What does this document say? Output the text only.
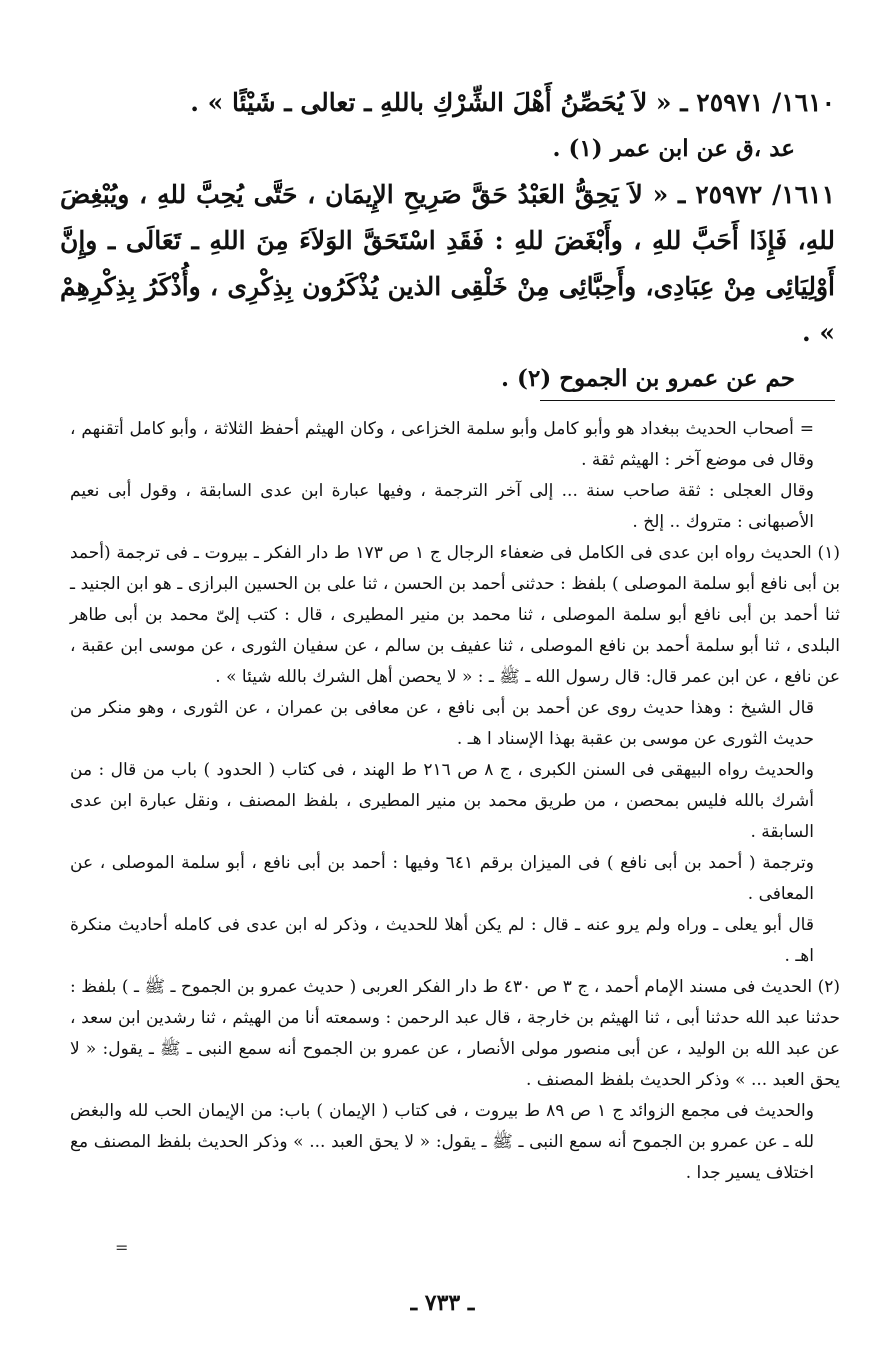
١٦١٠/ ٢٥٩٧١ ـ « لاَ يُحَصِّنُ أَهْلَ الشِّرْكِ باللهِ ـ تعالى ـ شَيْئًا » .

عد ،ق عن ابن عمر (١) .

١٦١١/ ٢٥٩٧٢ ـ « لاَ يَحِقُّ العَبْدُ حَقَّ صَرِيحِ الإِيمَان ، حَتَّى يُحِبَّ للهِ ، ويُبْغِضَ للهِ، فَإِذَا أَحَبَّ للهِ ، وأَبْغَضَ للهِ : فَقَدِ اسْتَحَقَّ الوَلاَءَ مِنَ اللهِ ـ تَعَالَى ـ وإِنَّ أَوْلِيَائِى مِنْ عِبَادِى، وأَحِبَّائِى مِنْ خَلْقِى الذين يُذْكَرُون بِذِكْرِى ، وأُذْكَرُ بِذِكْرِهِمْ » .

حم عن عمرو بن الجموح (٢) .

= أصحاب الحديث ببغداد هو وأبو كامل وأبو سلمة الخزاعى ، وكان الهيثم أحفظ الثلاثة ، وأبو كامل أتقنهم ، وقال فى موضع آخر : الهيثم ثقة .

وقال العجلى : ثقة صاحب سنة ... إلى آخر الترجمة ، وفيها عبارة ابن عدى السابقة ، وقول أبى نعيم الأصبهانى : متروك .. إلخ .

(١) الحديث رواه ابن عدى فى الكامل فى ضعفاء الرجال ج ١ ص ١٧٣ ط دار الفكر ـ بيروت ـ فى ترجمة (أحمد بن أبى نافع أبو سلمة الموصلى ) بلفظ : حدثنى أحمد بن الحسن ، ثنا على بن الحسين البرازى ـ هو ابن الجنيد ـ ثنا أحمد بن أبى نافع أبو سلمة الموصلى ، ثنا محمد بن منير المطيرى ، قال : كتب إلىّ محمد بن أبى طاهر البلدى ، ثنا أبو سلمة أحمد بن نافع الموصلى ، ثنا عفيف بن سالم ، عن سفيان الثورى ، عن موسى ابن عقبة ، عن نافع ، عن ابن عمر قال: قال رسول الله ـ ﷺ ـ : « لا يحصن أهل الشرك بالله شيئا » .

قال الشيخ : وهذا حديث روى عن أحمد بن أبى نافع ، عن معافى بن عمران ، عن الثورى ، وهو منكر من حديث الثورى عن موسى بن عقبة بهذا الإسناد ا هـ .

والحديث رواه البيهقى فى السنن الكبرى ، ج ٨ ص ٢١٦ ط الهند ، فى كتاب ( الحدود ) باب من قال : من أشرك بالله فليس بمحصن ، من طريق محمد بن منير المطيرى ، بلفظ المصنف ، ونقل عبارة ابن عدى السابقة .

وترجمة ( أحمد بن أبى نافع ) فى الميزان برقم ٦٤١ وفيها : أحمد بن أبى نافع ، أبو سلمة الموصلى ، عن المعافى .

قال أبو يعلى ـ وراه ولم يرو عنه ـ قال : لم يكن أهلا للحديث ، وذكر له ابن عدى فى كامله أحاديث منكرة اهـ .

(٢) الحديث فى مسند الإمام أحمد ، ج ٣ ص ٤٣٠ ط دار الفكر العربى ( حديث عمرو بن الجموح ـ ﷺ ـ ) بلفظ : حدثنا عبد الله حدثنا أبى ، ثنا الهيثم بن خارجة ، قال عبد الرحمن : وسمعته أنا من الهيثم ، ثنا رشدين ابن سعد ، عن عبد الله بن الوليد ، عن أبى منصور مولى الأنصار ، عن عمرو بن الجموح أنه سمع النبى ـ ﷺ ـ يقول: « لا يحق العبد ... » وذكر الحديث بلفظ المصنف .

والحديث فى مجمع الزوائد ج ١ ص ٨٩ ط بيروت ، فى كتاب ( الإيمان ) باب: من الإيمان الحب لله والبغض لله ـ عن عمرو بن الجموح أنه سمع النبى ـ ﷺ ـ يقول: « لا يحق العبد ... » وذكر الحديث بلفظ المصنف مع اختلاف يسير جدا .

=
ـ ٧٣٣ ـ
